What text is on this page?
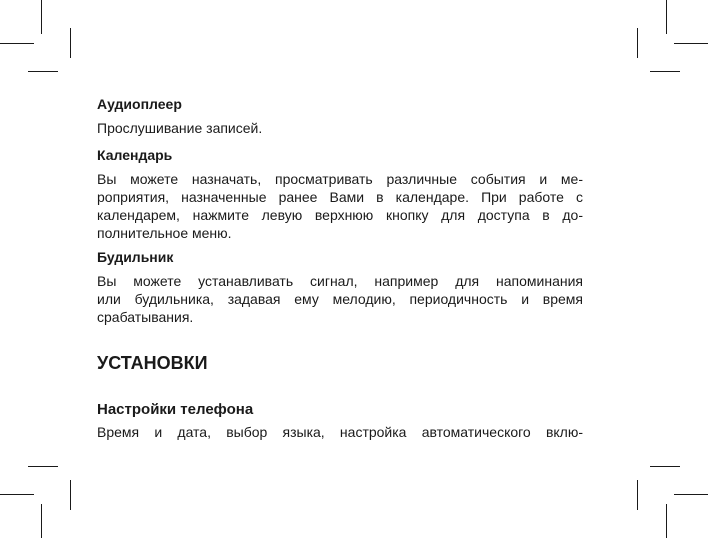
Аудиоплеер

Прослушивание записей.

Календарь

Вы можете назначать, просматривать различные события и ме-

роприятия, назначенные ранее Вами в календаре. При работе с

календарем, нажмите левую верхнюю кнопку для доступа в до-

полнительное меню.

Будильник

Вы можете устанавливать сигнал, например для напоминания

или будильника, задавая ему мелодию, периодичность и время

срабатывания.

УСТАНОВКИ

Настройки телефона

Время и дата, выбор языка, настройка автоматического вклю-
